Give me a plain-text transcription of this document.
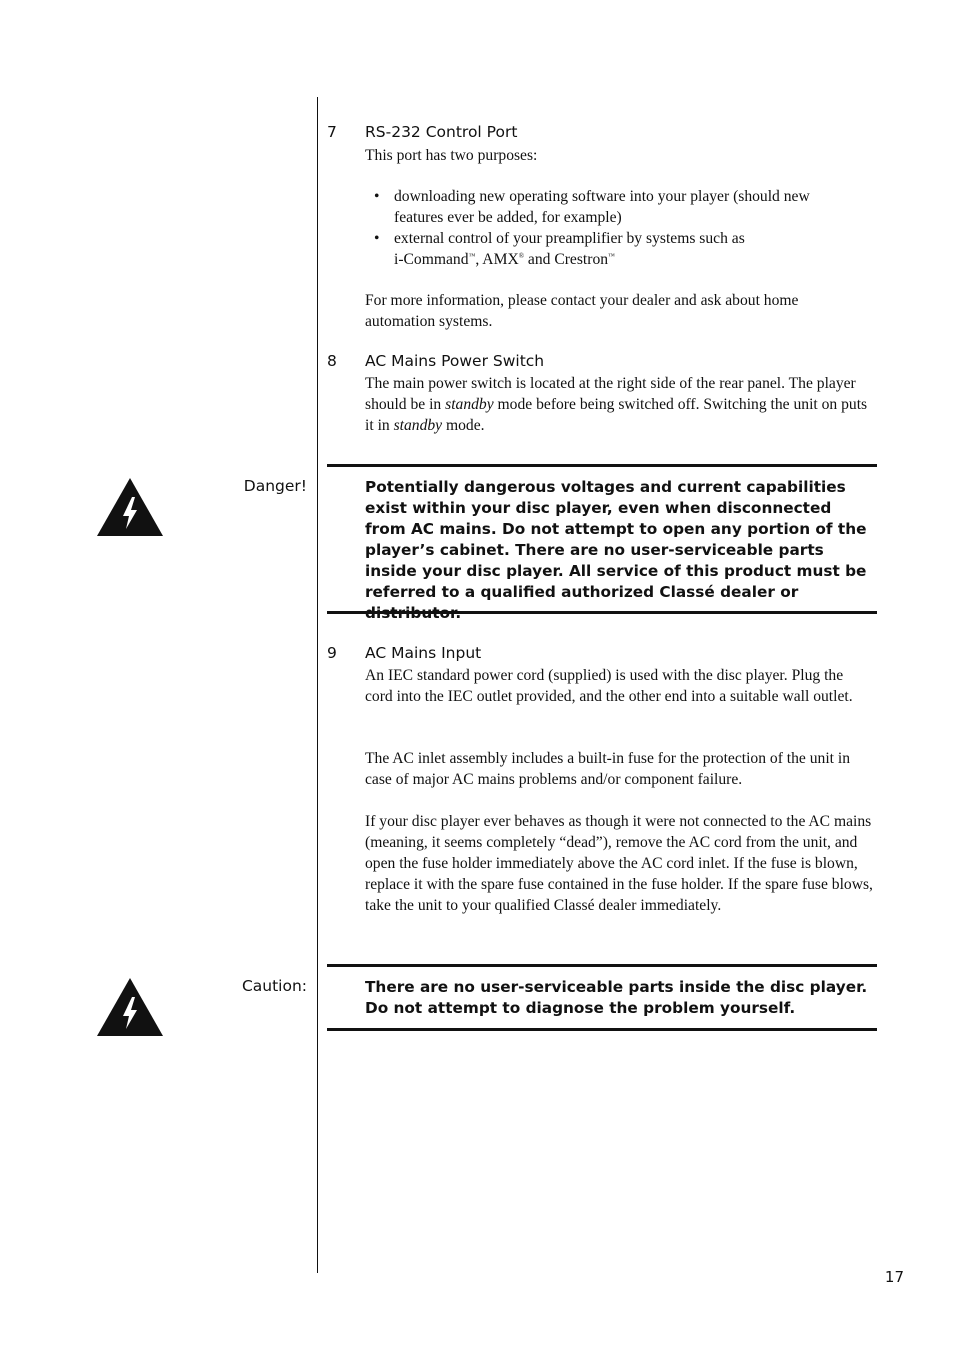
7 RS-232 Control Port

This port has two purposes:

• downloading new operating software into your player (should new features ever be added, for example)
• external control of your preamplifier by systems such as
i-Command™, AMX® and Crestron™

For more information, please contact your dealer and ask about home automation systems.

8 AC Mains Power Switch

The main power switch is located at the right side of the rear panel. The player should be in standby mode before being switched off. Switching the unit on puts it in standby mode.

Danger!	Potentially dangerous voltages and current capabilities exist within your disc player, even when disconnected from AC mains. Do not attempt to open any portion of the player’s cabinet. There are no user-serviceable parts inside your disc player. All service of this product must be referred to a qualified authorized Classé dealer or
9 AC Mains Input

An IEC standard power cord (supplied) is used with the disc player. Plug the cord into the IEC outlet provided, and the other end into a suitable wall outlet.

The AC inlet assembly includes a built-in fuse for the protection of the unit in case of major AC mains problems and/or component failure.

If your disc player ever behaves as though it were not connected to the AC mains (meaning, it seems completely “dead”), remove the AC cord from the unit, and open the fuse holder immediately above the AC cord inlet. If the fuse is blown, replace it with the spare fuse contained in the fuse holder. If the spare fuse blows, take the unit to your qualified Classé dealer immediately.

Caution:	There are no user-serviceable parts inside the disc player. Do not attempt to diagnose the problem yourself.
17
